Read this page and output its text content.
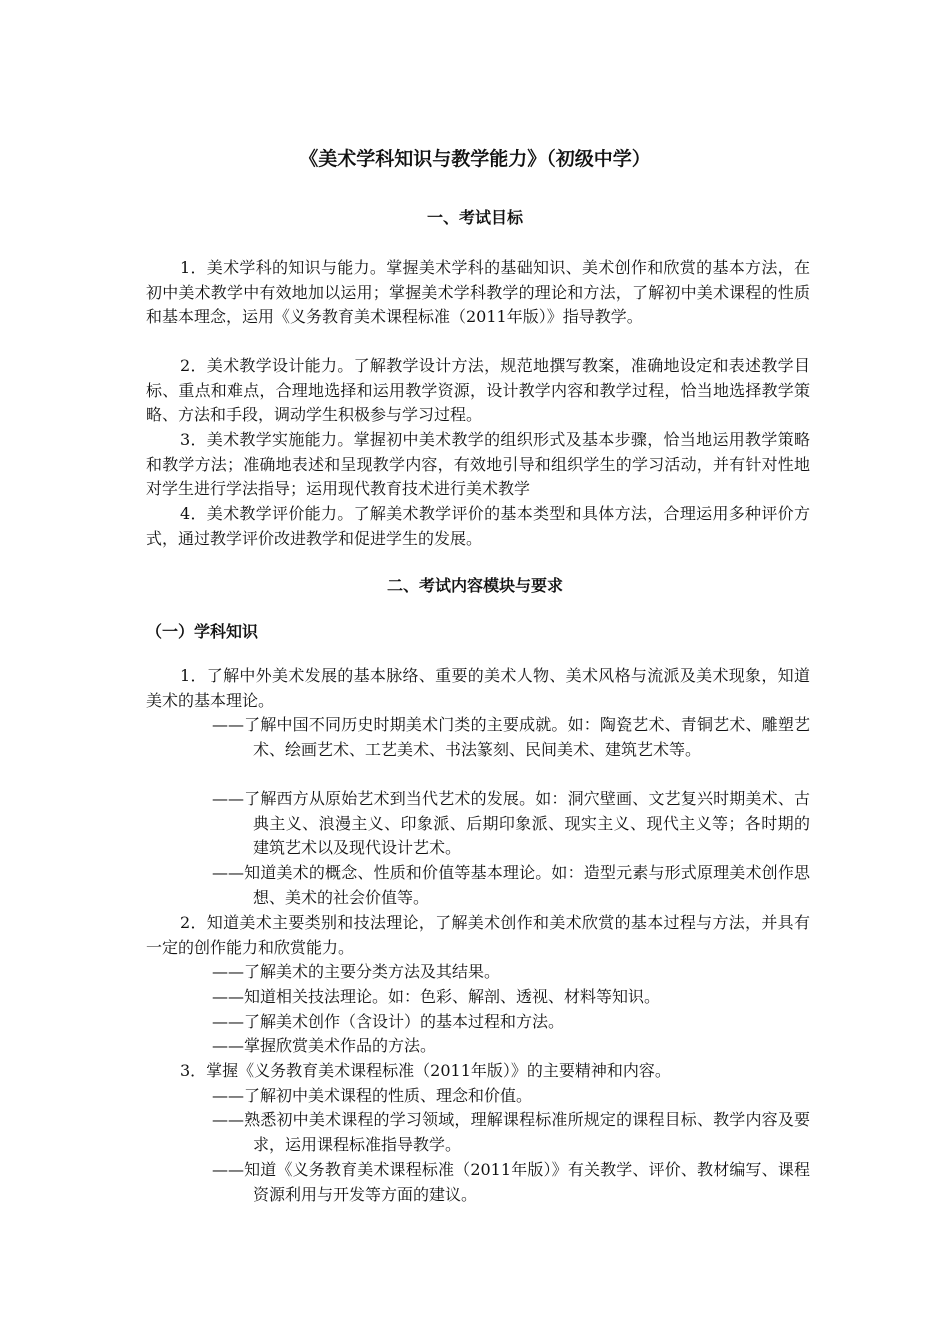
《美术学科知识与教学能力》（初级中学）
一、考试目标

1．美术学科的知识与能力。掌握美术学科的基础知识、美术创作和欣赏的基本方法，在初中美术教学中有效地加以运用；掌握美术学科教学的理论和方法，了解初中美术课程的性质和基本理念，运用《义务教育美术课程标准（2011年版）》指导教学。

2．美术教学设计能力。了解教学设计方法，规范地撰写教案，准确地设定和表述教学目标、重点和难点，合理地选择和运用教学资源，设计教学内容和教学过程，恰当地选择教学策略、方法和手段，调动学生积极参与学习过程。

3．美术教学实施能力。掌握初中美术教学的组织形式及基本步骤，恰当地运用教学策略和教学方法；准确地表述和呈现教学内容，有效地引导和组织学生的学习活动，并有针对性地对学生进行学法指导；运用现代教育技术进行美术教学

4．美术教学评价能力。了解美术教学评价的基本类型和具体方法，合理运用多种评价方式，通过教学评价改进教学和促进学生的发展。

二、考试内容模块与要求
（一）学科知识

1．了解中外美术发展的基本脉络、重要的美术人物、美术风格与流派及美术现象，知道美术的基本理论。

——了解中国不同历史时期美术门类的主要成就。如：陶瓷艺术、青铜艺术、雕塑艺术、绘画艺术、工艺美术、书法篆刻、民间美术、建筑艺术等。

——了解西方从原始艺术到当代艺术的发展。如：洞穴壁画、文艺复兴时期美术、古典主义、浪漫主义、印象派、后期印象派、现实主义、现代主义等；各时期的建筑艺术以及现代设计艺术。

——知道美术的概念、性质和价值等基本理论。如：造型元素与形式原理美术创作思想、美术的社会价值等。

2．知道美术主要类别和技法理论，了解美术创作和美术欣赏的基本过程与方法，并具有一定的创作能力和欣赏能力。

——了解美术的主要分类方法及其结果。

——知道相关技法理论。如：色彩、解剖、透视、材料等知识。

——了解美术创作（含设计）的基本过程和方法。

——掌握欣赏美术作品的方法。

3．掌握《义务教育美术课程标准（2011年版）》的主要精神和内容。

——了解初中美术课程的性质、理念和价值。

——熟悉初中美术课程的学习领域，理解课程标准所规定的课程目标、教学内容及要求，运用课程标准指导教学。

——知道《义务教育美术课程标准（2011年版）》有关教学、评价、教材编写、课程资源利用与开发等方面的建议。
